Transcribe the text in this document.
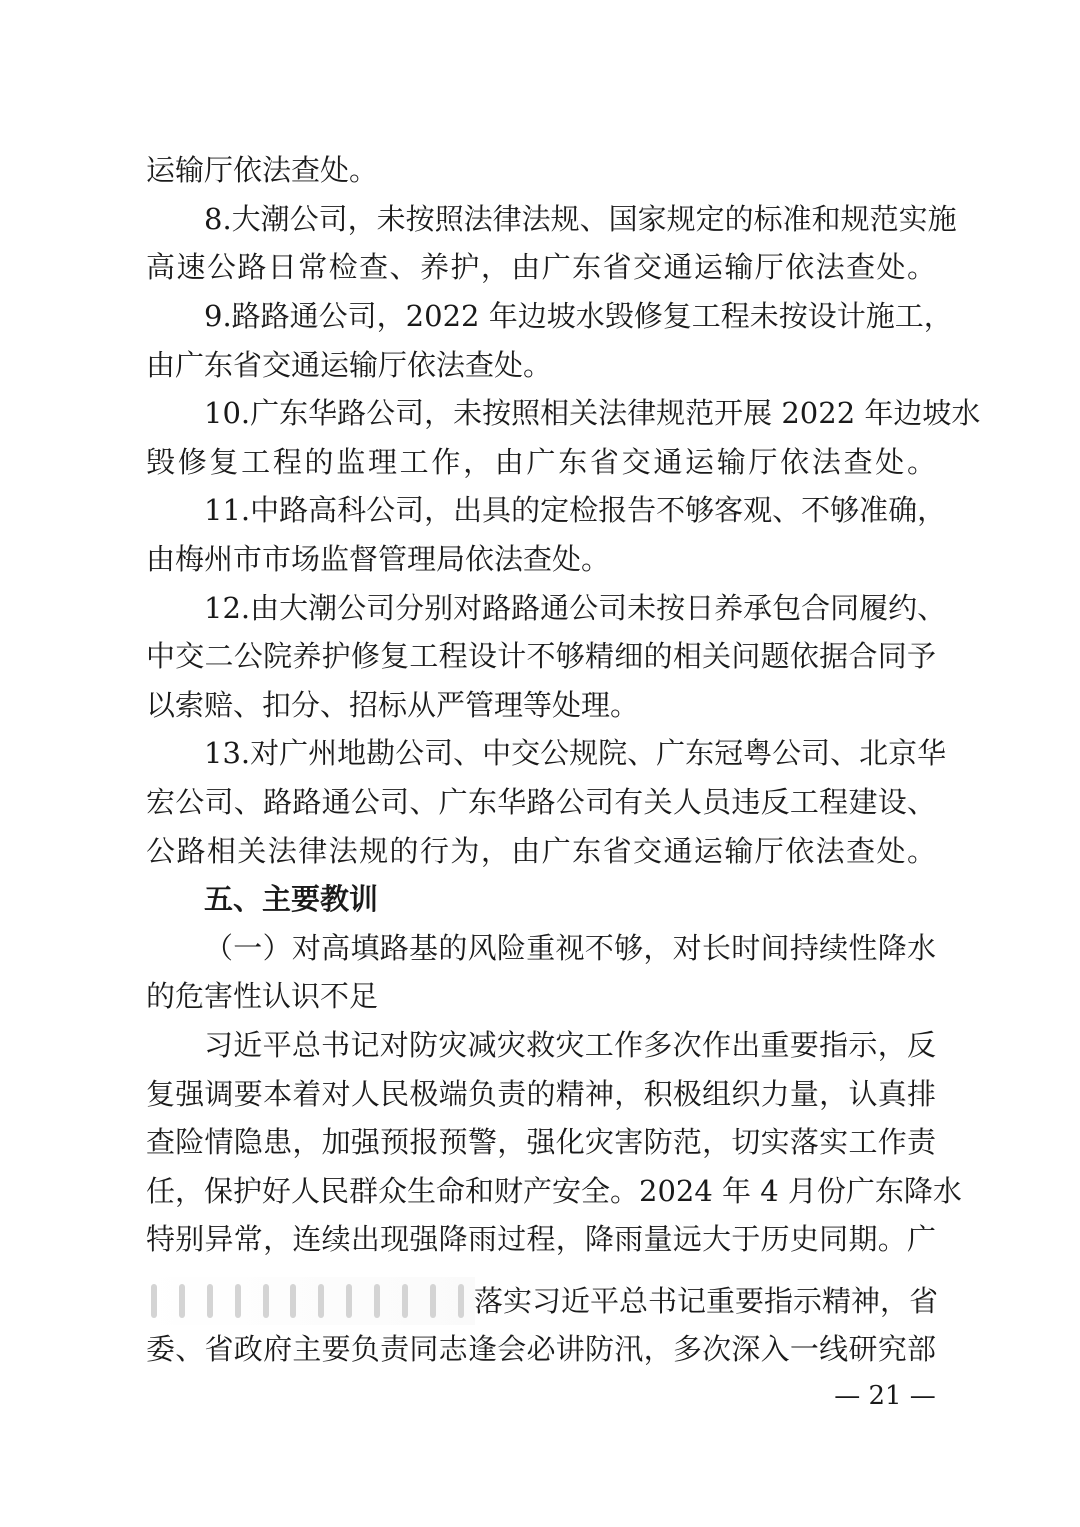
运输厅依法查处。
8.大潮公司，未按照法律法规、国家规定的标准和规范实施
高速公路日常检查、养护，由广东省交通运输厅依法查处。
9.路路通公司，2022 年边坡水毁修复工程未按设计施工，
由广东省交通运输厅依法查处。
10.广东华路公司，未按照相关法律规范开展 2022 年边坡水
毁修复工程的监理工作，由广东省交通运输厅依法查处。
11.中路高科公司，出具的定检报告不够客观、不够准确，
由梅州市市场监督管理局依法查处。
12.由大潮公司分别对路路通公司未按日养承包合同履约、
中交二公院养护修复工程设计不够精细的相关问题依据合同予
以索赔、扣分、招标从严管理等处理。
13.对广州地勘公司、中交公规院、广东冠粤公司、北京华
宏公司、路路通公司、广东华路公司有关人员违反工程建设、
公路相关法律法规的行为，由广东省交通运输厅依法查处。
五、主要教训
（一）对高填路基的风险重视不够，对长时间持续性降水
的危害性认识不足
习近平总书记对防灾减灾救灾工作多次作出重要指示，反
复强调要本着对人民极端负责的精神，积极组织力量，认真排
查险情隐患，加强预报预警，强化灾害防范，切实落实工作责
任，保护好人民群众生命和财产安全。2024 年 4 月份广东降水
特别异常，连续出现强降雨过程，降雨量远大于历史同期。广
落实习近平总书记重要指示精神，省
委、省政府主要负责同志逢会必讲防汛，多次深入一线研究部
— 21 —
